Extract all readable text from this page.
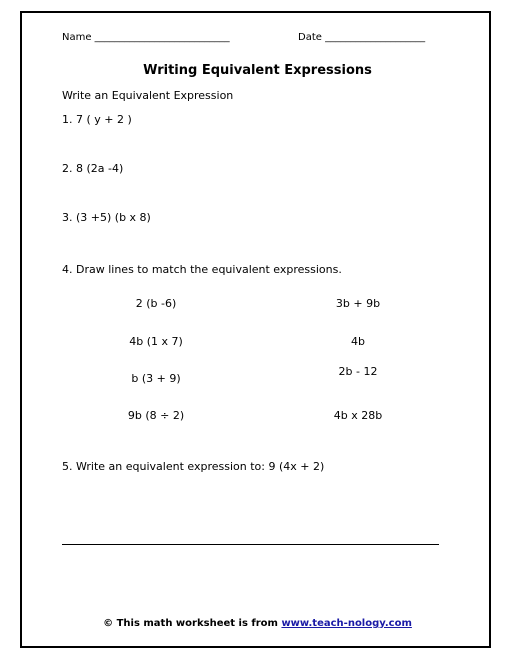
Name ___________________________	Date ____________________
Writing Equivalent Expressions
Write an Equivalent Expression
1. 7 ( y + 2 )
2. 8 (2a -4)
3. (3 +5) (b x 8)
4. Draw lines to match the equivalent expressions.
2 (b -6)
4b (1 x 7)
b (3 + 9)
9b (8 ÷ 2)
3b + 9b
4b
2b - 12
4b x 28b
5. Write an equivalent expression to: 9 (4x + 2)
© This math worksheet is from www.teach-nology.com
